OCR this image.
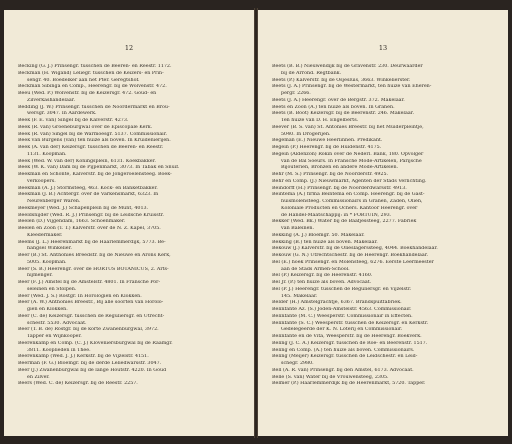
12
Becking (G. J.) Prinsengr. tusschen de Beeren- en Reestr. 1172.
Beckman (H. Wigand) Leliegr. tusschen de Keizers- en Prin-
sengr. 40. Boedelker aan het Pter. Geregtshof.
Beckman Sibinga en Comp., Heerengr. bij de Wolvenstr. 472.
Beeu (Wed. P.) Wolvenstr. bij de Keizersgr. 472. Goud- en
Zilverkashandelaar.
Bedding (J. W.) Prinsengr. tusschen de Noordermarkt en Brou-
wersgr. 3047. In Aardewerk.
Beek (F. E. van) Singel bij de Kalverstr. 4273.
Beek (R. van) Groeneburgwal over de Episcopale Kerk.
Beek (R. van) Singel bij de Warmoesgr. 5137. Commissionair.
Beek van Burgens (van) ten huize als boven. In Kruidenierijen.
Beek (A. van der) Keizersgr. tusschen de Beeren- en Reestr.
1131. Koopman.
Beek (Wed. W. van der) Koningsplein, 6131. Koekbakker.
Beek (W. K. van) Dam bij de Pijpenmarkt, 3073. In Tabak en Snuif.
Beekman en Schonte, Kalverstr. bij de Jongeroelensteeg. Boek-
verkoopers.
Beekman (A. J.) Stormsteeg, 463. Kock- en Banketbakker.
Beekman (J. B.) Achtergr. over de Varkensmarkt, 6323. In
Neurenberger Waren.
Beekmeyer (Wed. J.) Schapenplein bij de Munt, 4013.
Beeldsnijder (Wed. R. J.) Prinsengr. bij de Leidsche Kruisstr.
Beelen (D.) Vijgendam, 1663. Schoenmaker.
Beelen en Zoon (T. T.) Kalverstr. over de N. Z. Kapel, 3705.
Kleedermaker.
Beems (J. L.) Heerenmarkt bij de Haarlemmerdijk, 5773. Be-
hangsel Winkelier.
Beer (B.) St. Anthonies Breedstr. bij de Nieuwe en Arons Kerk,
5005. Koopman.
Beer (S. B.) Heerengr. over de HORTUS BOTANICUS, 2. Arts-
nijmenger.
Beer (F. J.) Amstel bij de Amstelstr. 4801. In Fransche Por-
seleinen en Stolpen.
Beer (Wed. J. S.) Rostgr. In Horologien en Klokken.
Beer (A. W.) Anthonies Breestr., Bij alle soorten van Horolo-
gien en Klokken.
Beer (C. de) Keizersgr. tusschen de Reguliersgr. en Utrecht-
schestr. 5530. Advocaat.
Beer (T. B. de) Rostgr. bij de korte Zwanenburgwal, 3972.
Tapper en Wijnkooper.
Beerenkamp en Comp. (C. J.) Kloveniersburgwal bij de Raamgr.
3811. Kooplieden in Thee.
Beerenkamp (Wed. J. J.) Kerkstr. bij de Vijzelstr. 4151.
Beerman (F. G.) Bloemgr. bij de derde Leliedwarsstr. 3047.
Beer (J.) Zwanenburgwal bij de lange Houtstr. 4220. In Goud
en Zilver.
Beers (Wed. C. de) Keizersgr. bij de Reestr. 2257.
13
Beets (B. B.) Nieuwendijk bij de Gravenstr. 230. Deurwaarder
bij de Arrond. Regtbank.
Beets (P.) Kalverstr. bij de Osjesluis, 3663. Winkelierster.
Beets (J. A.) Prinsengr. bij de Westermarkt, ten huize van Eheren-
pergr. 2266.
Beets (J. A.) Heerengr. over de Bergstr. 372. Makelaar.
Beets en Zoon (A.) ten huize als boven. In Granen.
Beets (B. Boot) Keizersgr. bij de Beerenstr. 246. Makelaar.
Ten huize van D. H. Engelberts.
Beever (B. S. van) St. Antonies Breestr. bij het Muiderpleintje,
5040. In Drogerijen.
Begeman (E.) Nieuwe Heerlinnen. Predikant.
Begein (P.) Heerengr. bij de Huidenstr. 4175.
Begein (Aldenzon) Rokin over de Nederl. Bank, 180. Opvolger
van de Bal Soeurs. In Fransche Mode-Artikelen, Parijsche
Bijouterien, Bronzen en andere Mode-Artikelen.
Behr (M. S.) Prinsengr. bij de Noorderstr. 4925.
Behr en Comp. (J.) Nieuwmarkt, Agenten der Stads Verlichting.
Beindorff (H.) Prinsengr. bij de Noorderdwarsstr. 4913.
Beintema (A.) firma Beintema en Comp. Heerengr. bij de Gast-
huismolensteeg. Commissionairs in Granen, Zaden, Olien,
Koloniale Producten en Ochers. Kantoor Heerengr. over
de Handel-Maatschappij: in * FORTUIN, 293.
Bekker (Wed. Bk.) Water bij de Baafjessteeg, 2277. Fabriek
van Baleinen.
Bekking (A. J.) Bloemgr. 50. Makelaar.
Bekking (B.) ten huize als boven. Makelaar.
Bekouw (J.) Kalverstr. bij de Olieslagerssteeg, 4044. Boekhandelaar.
Bekouw (G. N.) Utrechtschestr. bij de Heerengr. Boekhandelaar.
Bel (E.) hoek Prinsengr. en Molensteeg, 6276. Eerste Leermeester
aan de Stads Armen-School.
Bel (P.) Keizersgr. bij de Heerenstr. 4160.
Bel Jr. (P.) ten huize als boven. Advocaat.
Bel (P. J.) Heerengr. tusschen de Reguliersgr. en Vijzelstr.
145. Makelaar.
Belder (H.) Amstelgrachtje, 6367. Brandspuitfabriek.
Belinfante Az. (S.) Joden-Amstelstr. 4563. Commissionair.
Belinfante (M. C.) Weesperstr. Commissionair in Effecten.
Belinfante (S. C.) Weesperstr. tusschen de Keizersgr. en Kerkstr.
Gedelegeerde der K. N. Loterij en Commissionair.
Belinfante en de Vita, Weesperstr. bij de Heerengr. Boekverk.
Beling (J. C. A.) Keizersgr. tusschen de Roe- en Beerenstr. 1517.
Beling en Comp. (A.) ten huize als boven. Commissionairs.
Beling (Meijer) Keizersgr. tusschen de Leidschestr. en Leid-
schegr. 2980.
Bell (A. R. van) Prinsengr. bij den Amstel, 6173. Advocaat.
Belle (S. van) Water bij de Vrouwensteeg, 2305.
Belmer (P.) Haarlemmerdijk bij de Heerenmarkt, 5720. Tapper.
